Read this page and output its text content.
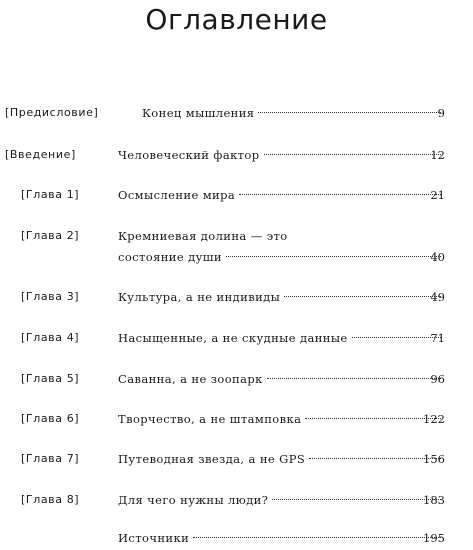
Оглавление
[Предисловие]	Конец мышления	9
[Введение]	Человеческий фактор	12
[Глава 1]	Осмысление мира	21
[Глава 2]	Кремниевая долина — это
состояние души	40
[Глава 3]	Культура, а не индивиды	49
[Глава 4]	Насыщенные, а не скудные данные	71
[Глава 5]	Саванна, а не зоопарк	96
[Глава 6]	Творчество, а не штамповка	122
[Глава 7]	Путеводная звезда, а не GPS	156
[Глава 8]	Для чего нужны люди?	183
Источники	195
